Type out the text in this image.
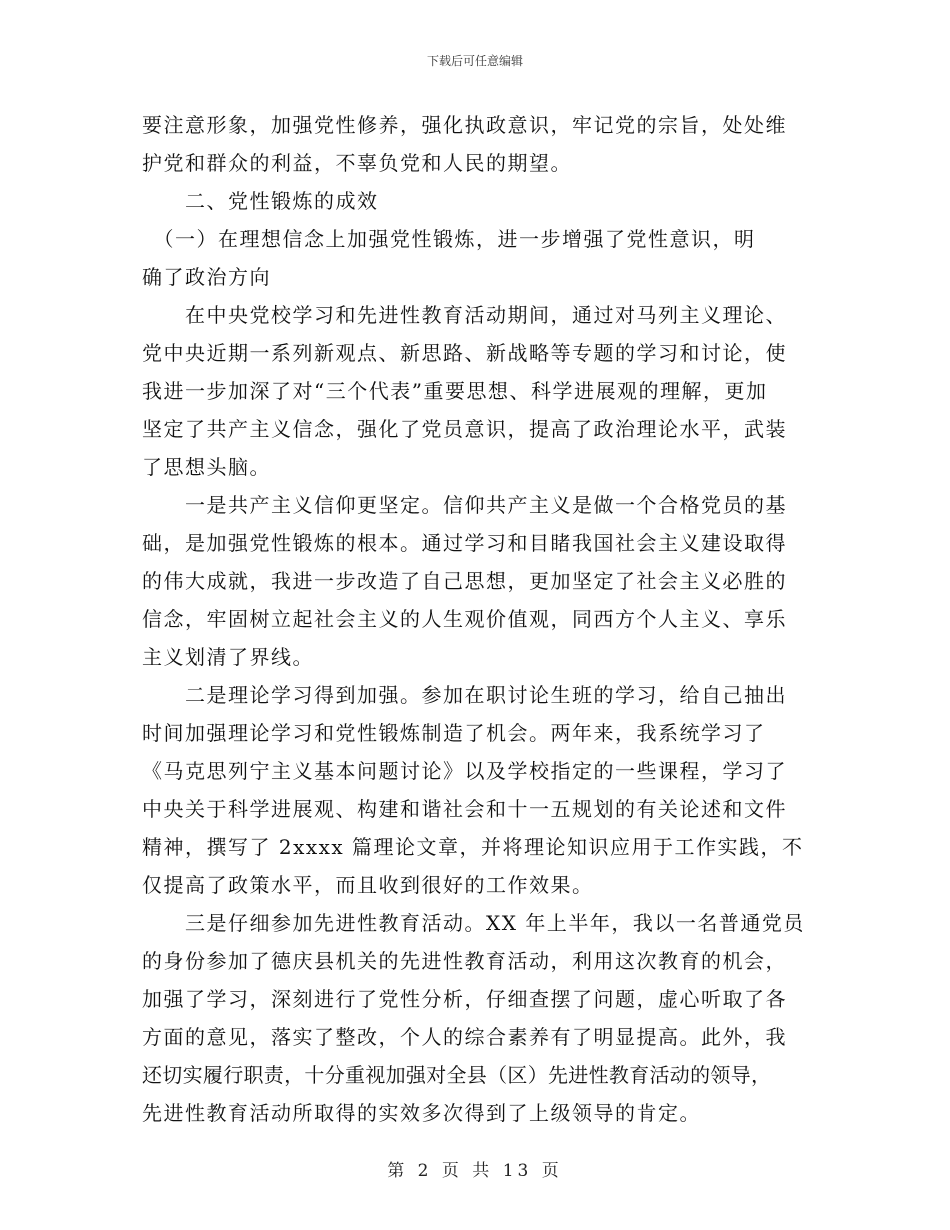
下载后可任意编辑
要注意形象，加强党性修养，强化执政意识，牢记党的宗旨，处处维
护党和群众的利益，不辜负党和人民的期望。
　　二、党性锻炼的成效
　（一）在理想信念上加强党性锻炼，进一步增强了党性意识，明
确了政治方向
　　在中央党校学习和先进性教育活动期间，通过对马列主义理论、
党中央近期一系列新观点、新思路、新战略等专题的学习和讨论，使
我进一步加深了对“三个代表”重要思想、科学进展观的理解，更加
坚定了共产主义信念，强化了党员意识，提高了政治理论水平，武装
了思想头脑。
　　一是共产主义信仰更坚定。信仰共产主义是做一个合格党员的基
础，是加强党性锻炼的根本。通过学习和目睹我国社会主义建设取得
的伟大成就，我进一步改造了自己思想，更加坚定了社会主义必胜的
信念，牢固树立起社会主义的人生观价值观，同西方个人主义、享乐
主义划清了界线。
　　二是理论学习得到加强。参加在职讨论生班的学习，给自己抽出
时间加强理论学习和党性锻炼制造了机会。两年来，我系统学习了
《马克思列宁主义基本问题讨论》以及学校指定的一些课程，学习了
中央关于科学进展观、构建和谐社会和十一五规划的有关论述和文件
精神，撰写了 2xxxx 篇理论文章，并将理论知识应用于工作实践，不
仅提高了政策水平，而且收到很好的工作效果。
　　三是仔细参加先进性教育活动。XX 年上半年，我以一名普通党员
的身份参加了德庆县机关的先进性教育活动，利用这次教育的机会，
加强了学习，深刻进行了党性分析，仔细查摆了问题，虚心听取了各
方面的意见，落实了整改，个人的综合素养有了明显提高。此外，我
还切实履行职责，十分重视加强对全县（区）先进性教育活动的领导，
先进性教育活动所取得的实效多次得到了上级领导的肯定。
第 2 页 共 13 页
